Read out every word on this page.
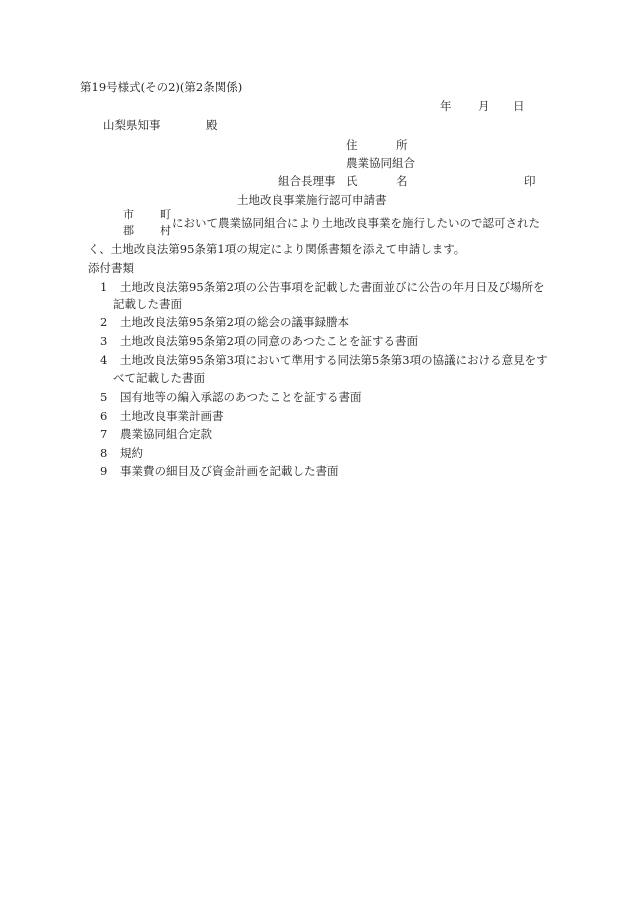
第19号様式(その2)(第2条関係)
年 月 日
山梨県知事	殿
住	所
農業協同組合
組合長理事 氏	名	印
土地改良事業施行認可申請書
市 町
郡 村
において農業協同組合により土地改良事業を施行したいので認可された
く、土地改良法第95条第1項の規定により関係書類を添えて申請します。
添付書類
1 土地改良法第95条第2項の公告事項を記載した書面並びに公告の年月日及び場所を
記載した書面
2 土地改良法第95条第2項の総会の議事録謄本
3 土地改良法第95条第2項の同意のあつたことを証する書面
4 土地改良法第95条第3項において準用する同法第5条第3項の協議における意見をす
べて記載した書面
5 国有地等の編入承認のあつたことを証する書面
6 土地改良事業計画書
7 農業協同組合定款
8 規約
9 事業費の細目及び資金計画を記載した書面
